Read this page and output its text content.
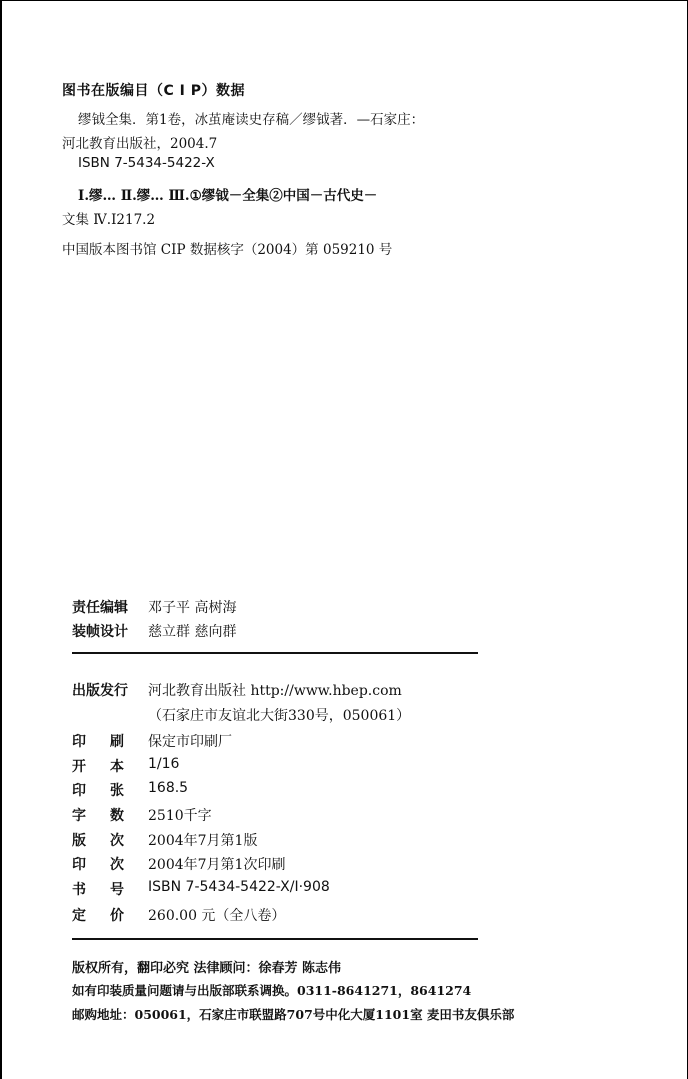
图书在版编目（C I P）数据
缪钺全集．第1卷，冰茧庵读史存稿／缪钺著．—石家庄：
河北教育出版社，2004.7
ISBN 7-5434-5422-X
Ⅰ.缪… Ⅱ.缪… Ⅲ.①缪钺－全集②中国－古代史－
文集 Ⅳ.I217.2
中国版本图书馆 CIP 数据核字（2004）第 059210 号
责任编辑	邓子平 高树海
装帧设计	慈立群 慈向群
出版发行	河北教育出版社 http://www.hbep.com
（石家庄市友谊北大街330号，050061）
印刷 保定市印刷厂
开本 1/16
印张 168.5
字数 2510千字
版次 2004年7月第1版
印次 2004年7月第1次印刷
书号 ISBN 7-5434-5422-X/I·908
定价 260.00 元（全八卷）
版权所有，翻印必究 法律顾问：徐春芳 陈志伟
如有印装质量问题请与出版部联系调换。0311-8641271，8641274
邮购地址：050061，石家庄市联盟路707号中化大厦1101室 麦田书友俱乐部
